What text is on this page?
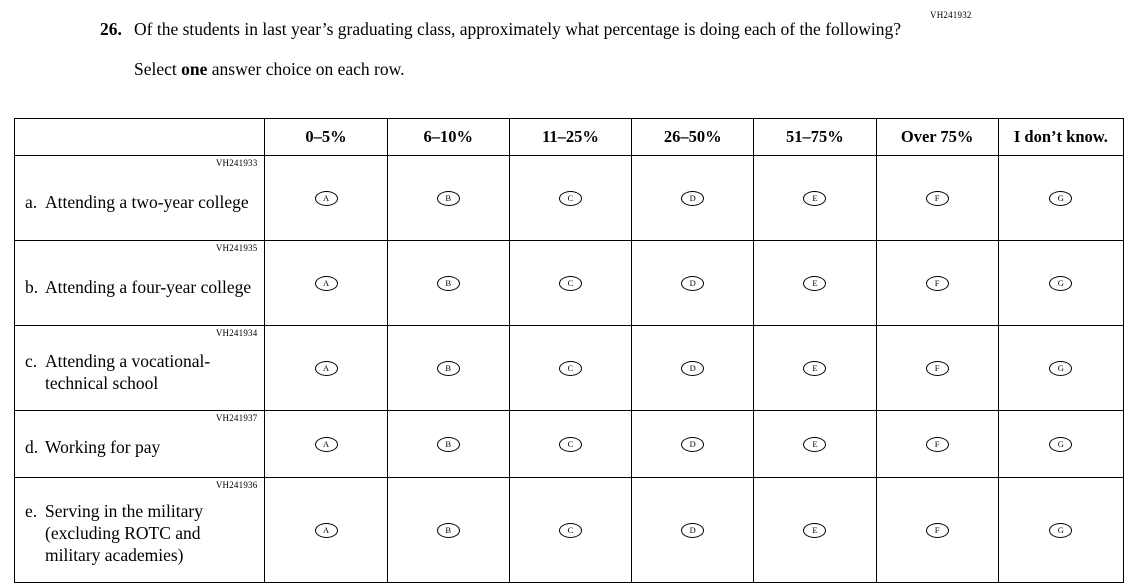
VH241932
26. Of the students in last year’s graduating class, approximately what percentage is doing each of the following?
Select one answer choice on each row.
	0–5%	6–10%	11–25%	26–50%	51–75%	Over 75%	I don’t know.

VH241933
a. Attending a two-year college	A	B	C	D	E	F	G

VH241935
b. Attending a four-year college	A	B	C	D	E	F	G

VH241934
c. Attending a vocational-technical school	A	B	C	D	E	F	G

VH241937
d. Working for pay	A	B	C	D	E	F	G

VH241936
e. Serving in the military (excluding ROTC and military academies)	A	B	C	D	E	F	G
